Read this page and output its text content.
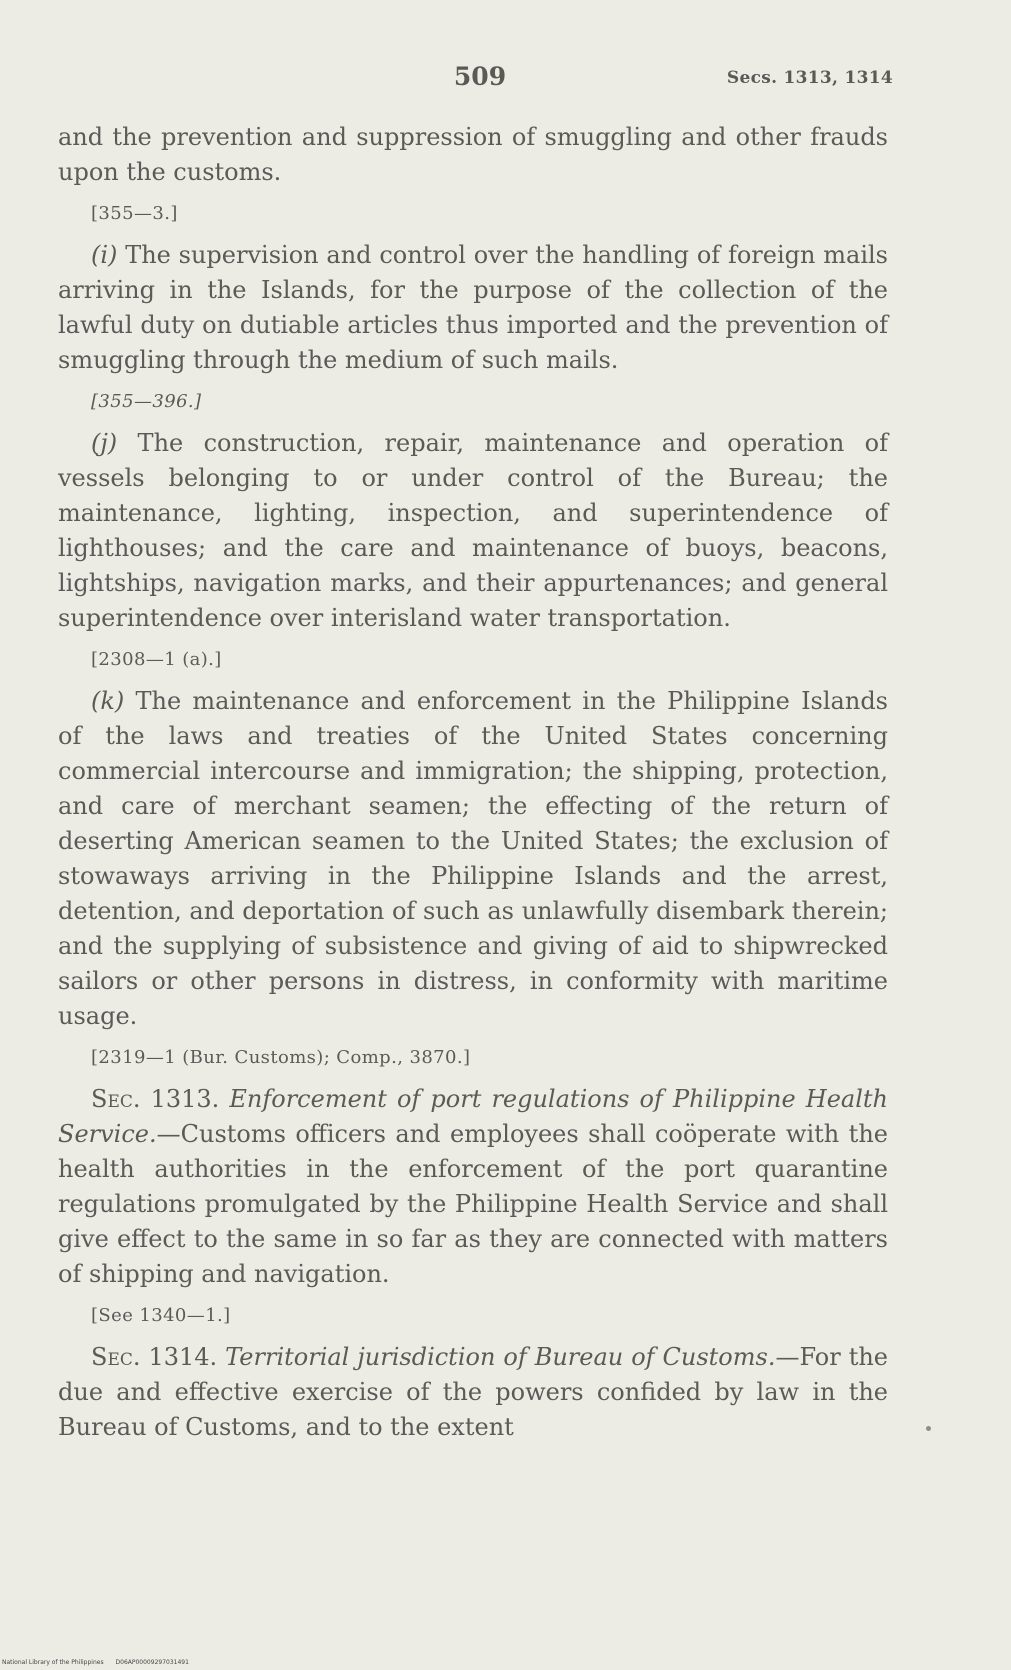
509	Secs. 1313, 1314

and the prevention and suppression of smuggling and other frauds upon the customs.

[355—3.]

(i) The supervision and control over the handling of foreign mails arriving in the Islands, for the purpose of the collection of the lawful duty on dutiable articles thus imported and the prevention of smuggling through the medium of such mails.

[355—396.]

(j) The construction, repair, maintenance and operation of vessels belonging to or under control of the Bureau; the maintenance, lighting, inspection, and superintendence of lighthouses; and the care and maintenance of buoys, beacons, lightships, navigation marks, and their appurtenances; and general superintendence over interisland water transportation.

[2308—1 (a).]

(k) The maintenance and enforcement in the Philippine Islands of the laws and treaties of the United States concerning commercial intercourse and immigration; the shipping, protection, and care of merchant seamen; the effecting of the return of deserting American seamen to the United States; the exclusion of stowaways arriving in the Philippine Islands and the arrest, detention, and deportation of such as unlawfully disembark therein; and the supplying of subsistence and giving of aid to shipwrecked sailors or other persons in distress, in conformity with maritime usage.

[2319—1 (Bur. Customs); Comp., 3870.]

Sec. 1313. Enforcement of port regulations of Philippine Health Service.—Customs officers and employees shall coöperate with the health authorities in the enforcement of the port quarantine regulations promulgated by the Philippine Health Service and shall give effect to the same in so far as they are connected with matters of shipping and navigation.

[See 1340—1.]

Sec. 1314. Territorial jurisdiction of Bureau of Customs.—For the due and effective exercise of the powers confided by law in the Bureau of Customs, and to the extent

National Library of the Philippines D06AP00009297031491
